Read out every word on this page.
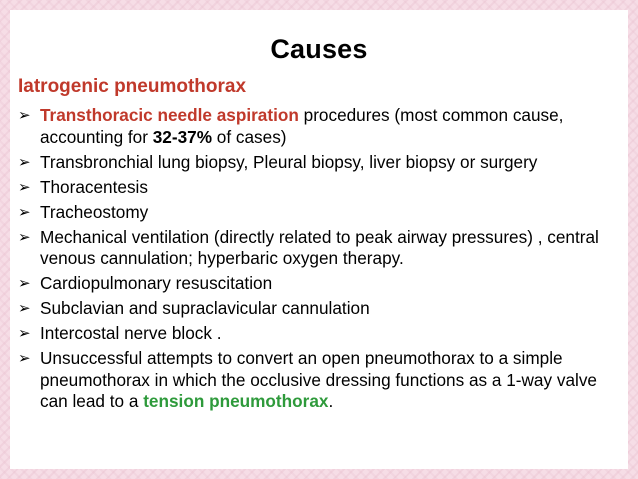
Causes
Iatrogenic pneumothorax
➢ Transthoracic needle aspiration procedures (most common cause, accounting for 32-37% of cases)
➢ Transbronchial lung biopsy, Pleural biopsy, liver biopsy or surgery
➢ Thoracentesis
➢ Tracheostomy
➢ Mechanical ventilation (directly related to peak airway pressures) , central venous cannulation; hyperbaric oxygen therapy.
➢ Cardiopulmonary resuscitation
➢ Subclavian and supraclavicular cannulation
➢ Intercostal nerve block .
➢ Unsuccessful attempts to convert an open pneumothorax to a simple pneumothorax in which the occlusive dressing functions as a 1-way valve can lead to a tension pneumothorax.
